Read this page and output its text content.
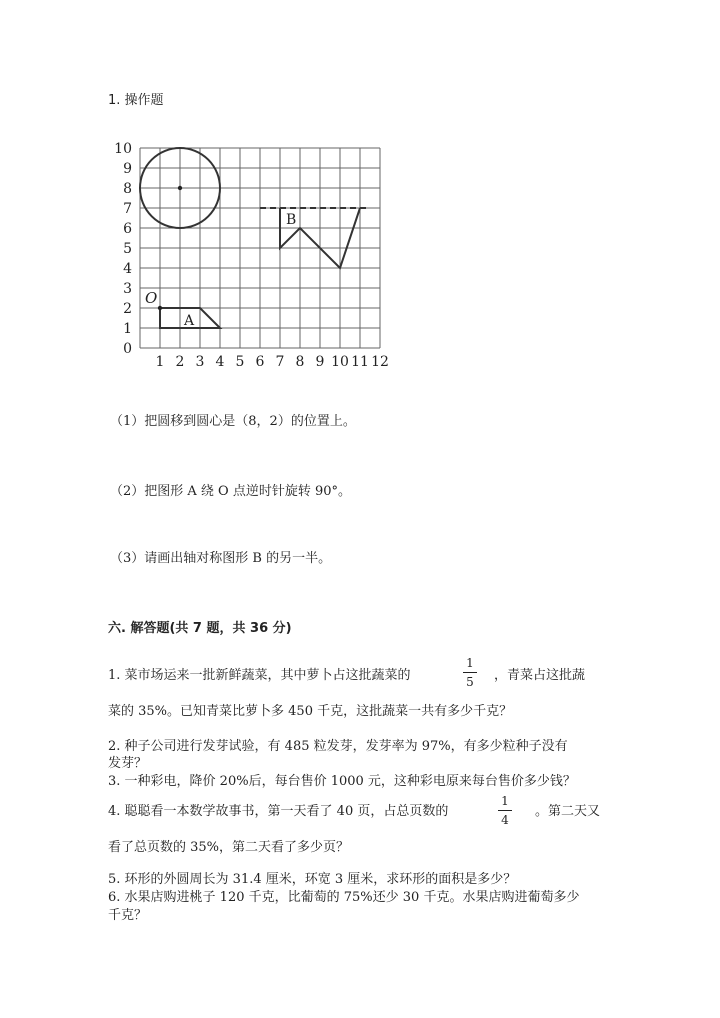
1. 操作题
1 2 3 4 5 6 7 8 9 10 11 12
0
1
2
3
4
5
6
7
8
9
10
O
A
B
（1）把圆移到圆心是（8，2）的位置上。
（2）把图形 A 绕 O 点逆时针旋转 90°。
（3）请画出轴对称图形 B 的另一半。
六. 解答题(共 7 题，共 36 分)
1. 菜市场运来一批新鲜蔬菜，其中萝卜占这批蔬菜的
1
5 ，青菜占这批蔬
菜的 35%。已知青菜比萝卜多 450 千克，这批蔬菜一共有多少千克？
2. 种子公司进行发芽试验，有 485 粒发芽，发芽率为 97%，有多少粒种子没有
发芽？
3. 一种彩电，降价 20%后，每台售价 1000 元，这种彩电原来每台售价多少钱？
4. 聪聪看一本数学故事书，第一天看了 40 页，占总页数的
1
4
。第二天又
看了总页数的 35%，第二天看了多少页？
5. 环形的外圆周长为 31.4 厘米，环宽 3 厘米，求环形的面积是多少？
6. 水果店购进桃子 120 千克，比葡萄的 75%还少 30 千克。水果店购进葡萄多少
千克？
